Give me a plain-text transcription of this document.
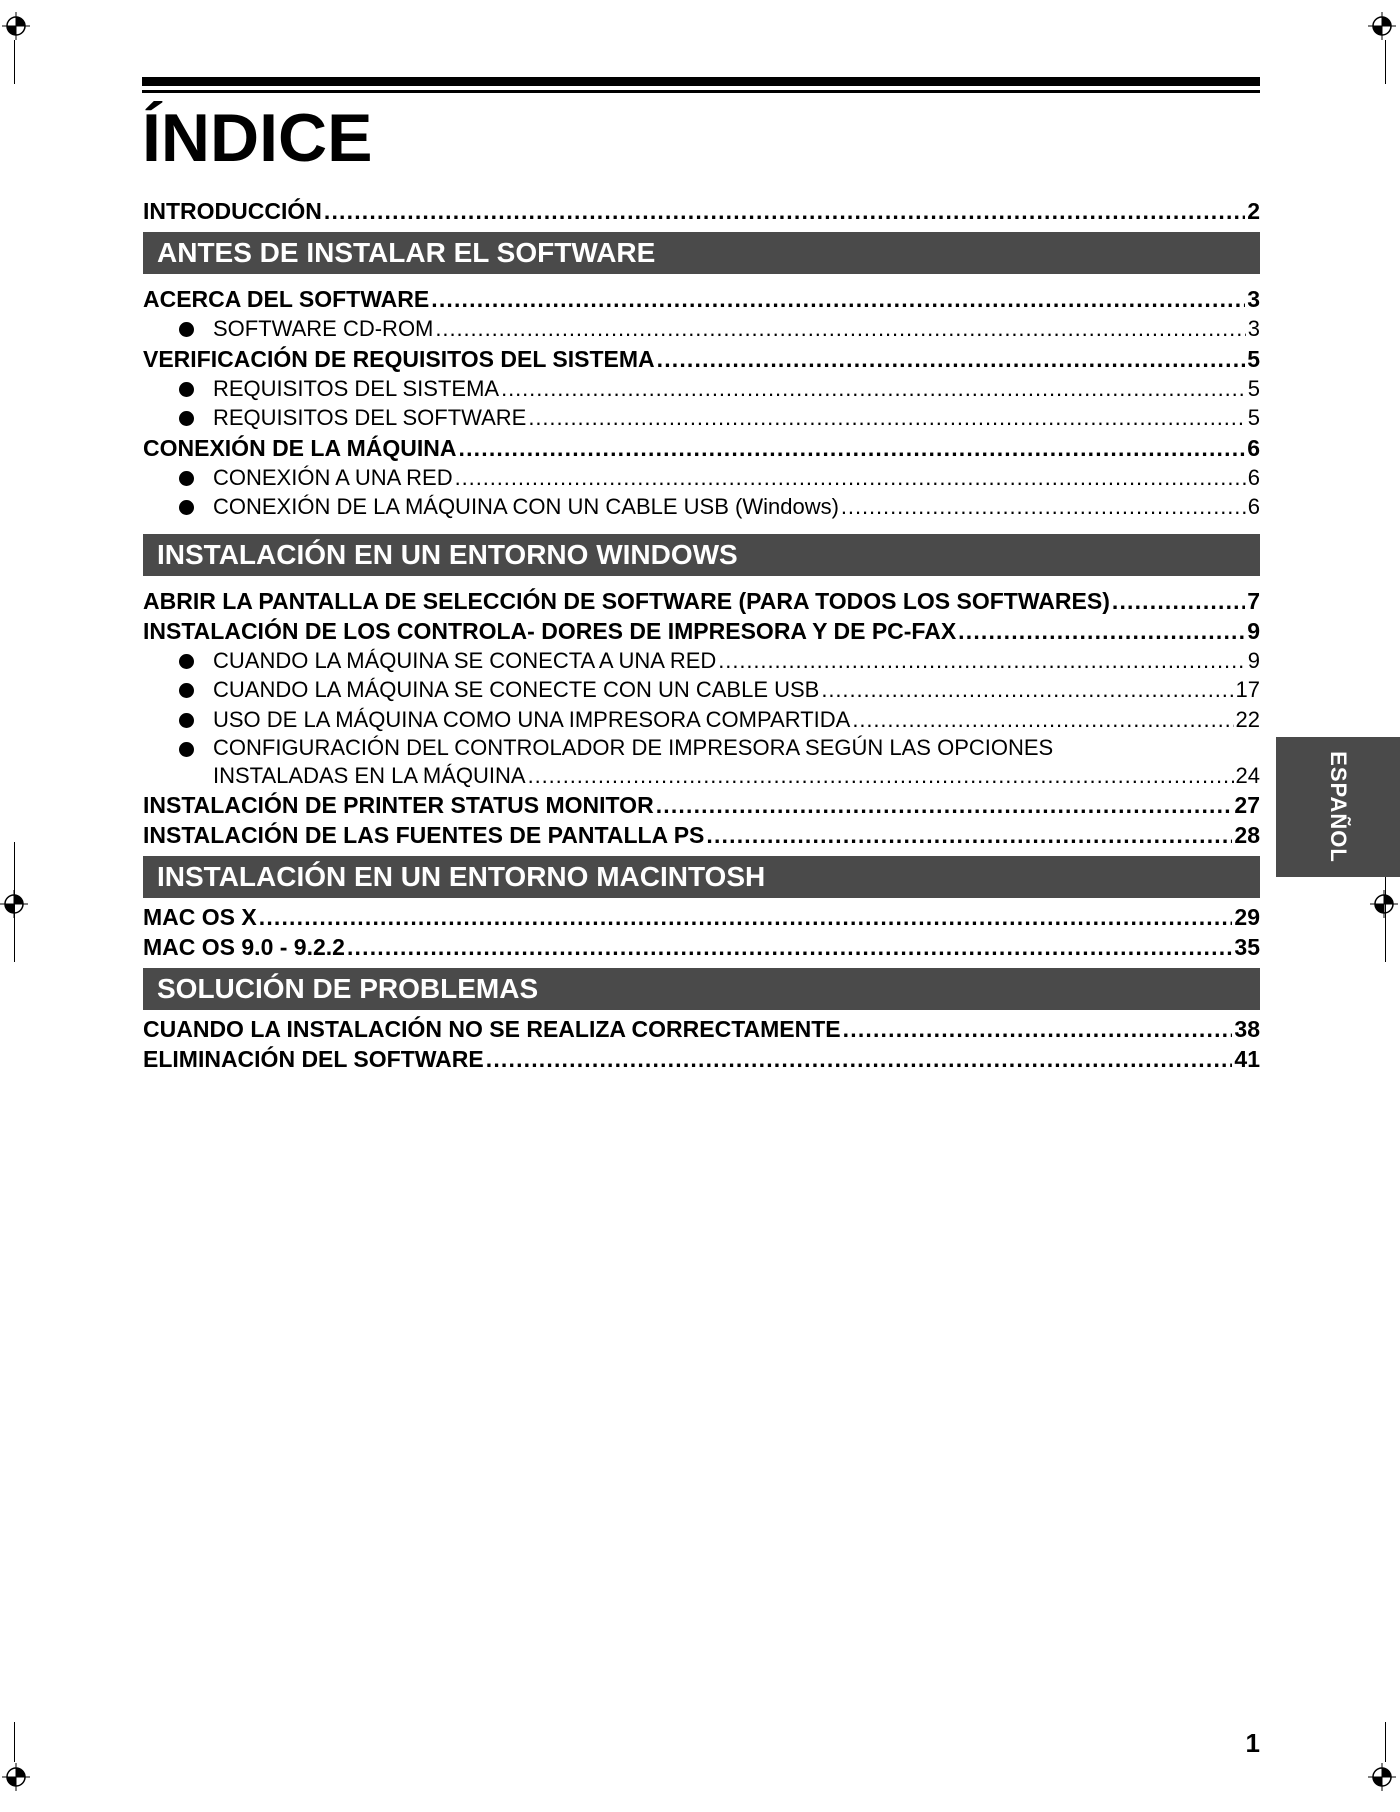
ÍNDICE
INTRODUCCIÓN . . .	2
ANTES DE INSTALAR EL SOFTWARE
ACERCA DEL SOFTWARE . . .	3
SOFTWARE CD-ROM . . .	3
VERIFICACIÓN DE REQUISITOS DEL SISTEMA . . .	5
REQUISITOS DEL SISTEMA . . .	5
REQUISITOS DEL SOFTWARE . . .	5
CONEXIÓN DE LA MÁQUINA . . .	6
CONEXIÓN A UNA RED . . .	6
CONEXIÓN DE LA MÁQUINA CON UN CABLE USB (Windows) . . .	6
INSTALACIÓN EN UN ENTORNO WINDOWS
ABRIR LA PANTALLA DE SELECCIÓN DE SOFTWARE (PARA TODOS LOS SOFTWARES) . . .	7
INSTALACIÓN DE LOS CONTROLA- DORES DE IMPRESORA Y DE PC-FAX . . .	9
CUANDO LA MÁQUINA SE CONECTA A UNA RED . . .	9
CUANDO LA MÁQUINA SE CONECTE CON UN CABLE USB . . .	17
USO DE LA MÁQUINA COMO UNA IMPRESORA COMPARTIDA . . .	22
CONFIGURACIÓN DEL CONTROLADOR DE IMPRESORA SEGÚN LAS OPCIONES
INSTALADAS EN LA MÁQUINA . . .	24
INSTALACIÓN DE PRINTER STATUS MONITOR . . .	27
INSTALACIÓN DE LAS FUENTES DE PANTALLA PS . . .	28
INSTALACIÓN EN UN ENTORNO MACINTOSH
MAC OS X . . .	29
MAC OS 9.0 - 9.2.2 . . .	35
SOLUCIÓN DE PROBLEMAS
CUANDO LA INSTALACIÓN NO SE REALIZA CORRECTAMENTE . . .	38
ELIMINACIÓN DEL SOFTWARE . . .	41
ESPAÑOL
1
